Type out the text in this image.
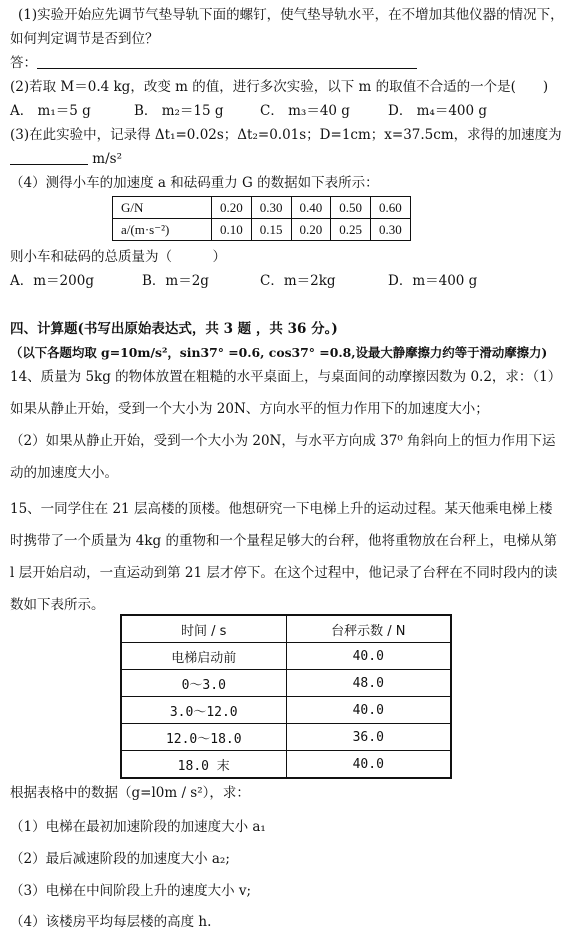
(1)实验开始应先调节气垫导轨下面的螺钉，使气垫导轨水平，在不增加其他仪器的情况下，
如何判定调节是否到位？
答：
(2)若取 M＝0.4 kg，改变 m 的值，进行多次实验，以下 m 的取值不合适的一个是(　　)
A． m₁＝5 g	B． m₂＝15 g	C． m₃＝40 g	D． m₄＝400 g
(3)在此实验中，记录得 Δt₁=0.02s；Δt₂=0.01s；D=1cm；x=37.5cm，求得的加速度为
m/s²
（4）测得小车的加速度 a 和砝码重力 G 的数据如下表所示：
G/N	0.20	0.30	0.40	0.50	0.60
a/(m·s⁻²)	0.10	0.15	0.20	0.25	0.30
则小车和砝码的总质量为（　　　）
A．m＝200g	B．m＝2g	C．m＝2kg	D．m＝400 g
四、计算题(书写出原始表达式，共 3 题 ，共 36 分。)
（以下各题均取 g=10m/s²，sin37° =0.6, cos37° =0.8,设最大静摩擦力约等于滑动摩擦力)
14、质量为 5kg 的物体放置在粗糙的水平桌面上，与桌面间的动摩擦因数为 0.2，求：（1）
如果从静止开始，受到一个大小为 20N、方向水平的恒力作用下的加速度大小；
（2）如果从静止开始，受到一个大小为 20N，与水平方向成 37⁰ 角斜向上的恒力作用下运
动的加速度大小。
15、一同学住在 21 层高楼的顶楼。他想研究一下电梯上升的运动过程。某天他乘电梯上楼
时携带了一个质量为 4kg 的重物和一个量程足够大的台秤，他将重物放在台秤上，电梯从第
l 层开始启动，一直运动到第 21 层才停下。在这个过程中，他记录了台秤在不同时段内的读
数如下表所示。
时间 / s	台秤示数 / N
电梯启动前	40.0
0～3.0	48.0
3.0～12.0	40.0
12.0～18.0	36.0
18.0 末	40.0
根据表格中的数据（g=l0m / s²），求：
（1）电梯在最初加速阶段的加速度大小 a₁
（2）最后减速阶段的加速度大小 a₂;
（3）电梯在中间阶段上升的速度大小 v;
（4）该楼房平均每层楼的高度 h.
